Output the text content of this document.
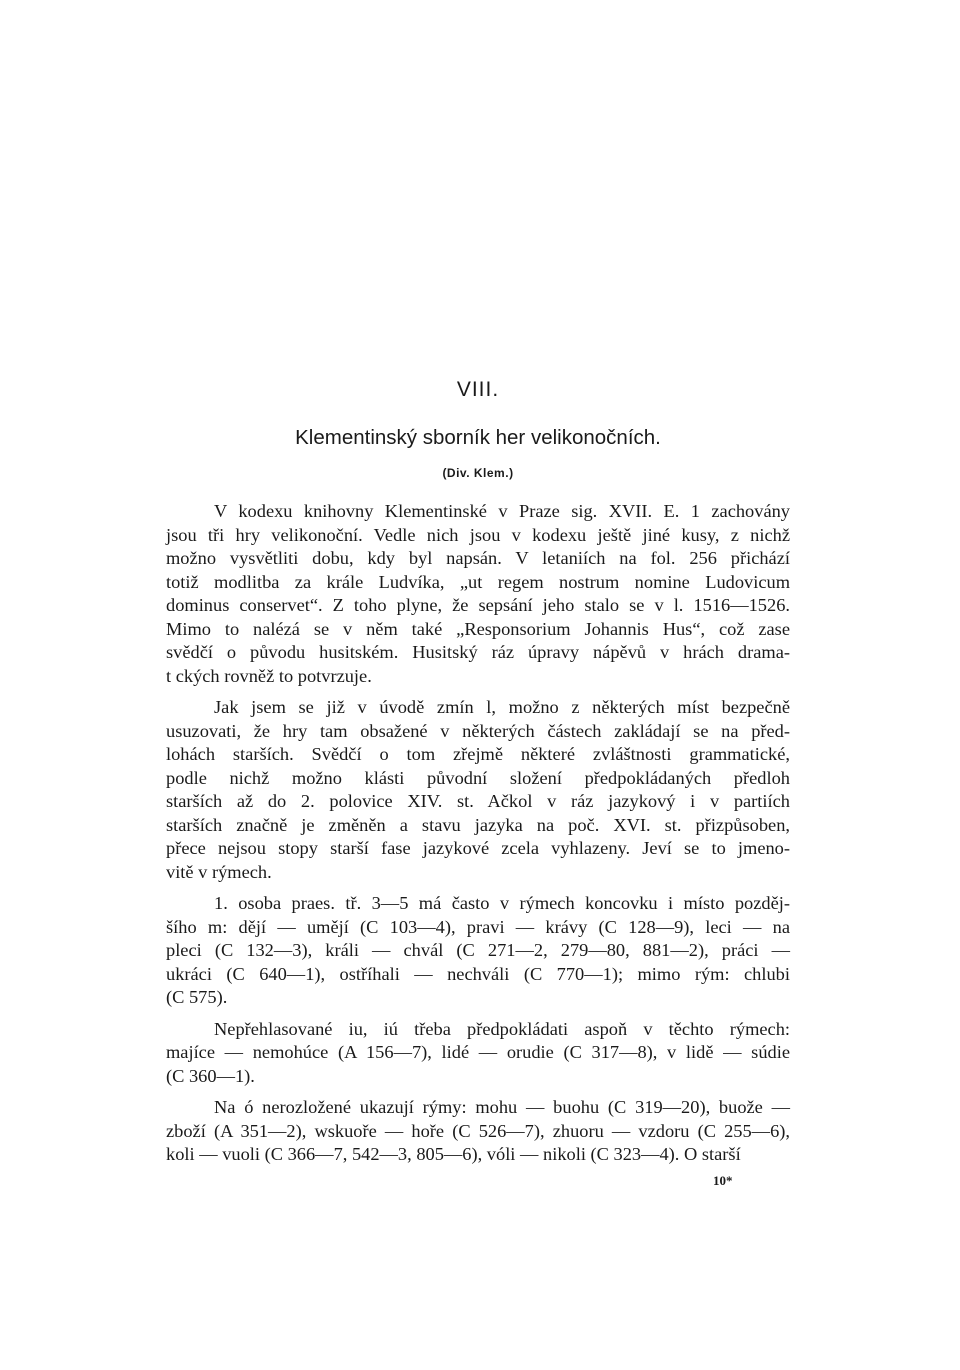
VIII.
Klementinský sborník her velikonočních.
(Div. Klem.)
V kodexu knihovny Klementinské v Praze sig. XVII. E. 1 zachovány
jsou tři hry velikonoční. Vedle nich jsou v kodexu ještě jiné kusy, z nichž
možno vysvětliti dobu, kdy byl napsán. V letaniích na fol. 256 přichází
totiž modlitba za krále Ludvíka, „ut regem nostrum nomine Ludovicum
dominus conservet“. Z toho plyne, že sepsání jeho stalo se v l. 1516—1526.
Mimo to nalézá se v něm také „Responsorium Johannis Hus“, což zase
svědčí o původu husitském. Husitský ráz úpravy nápěvů v hrách drama-
t ckých rovněž to potvrzuje.
Jak jsem se již v úvodě zmín l, možno z některých míst bezpečně
usuzovati, že hry tam obsažené v některých částech zakládají se na před-
lohách starších. Svědčí o tom zřejmě některé zvláštnosti grammatické,
podle nichž možno klásti původní složení předpokládaných předloh
starších až do 2. polovice XIV. st. Ačkol v ráz jazykový i v partiích
starších značně je změněn a stavu jazyka na poč. XVI. st. přizpůsoben,
přece nejsou stopy starší fase jazykové zcela vyhlazeny. Jeví se to jmeno-
vitě v rýmech.
1. osoba praes. tř. 3—5 má často v rýmech koncovku i místo pozděj-
šího m: dějí — umějí (C 103—4), pravi — krávy (C 128—9), leci — na
pleci (C 132—3), králi — chvál (C 271—2, 279—80, 881—2), práci —
ukráci (C 640—1), ostříhali — nechváli (C 770—1); mimo rým: chlubi
(C 575).
Nepřehlasované iu, iú třeba předpokládati aspoň v těchto rýmech:
majíce — nemohúce (A 156—7), lidé — orudie (C 317—8), v lidě — súdie
(C 360—1).
Na ó nerozložené ukazují rýmy: mohu — buohu (C 319—20), buože —
zboží (A 351—2), wskuoře — hoře (C 526—7), zhuoru — vzdoru (C 255—6),
koli — vuoli (C 366—7, 542—3, 805—6), vóli — nikoli (C 323—4). O starší
10*
